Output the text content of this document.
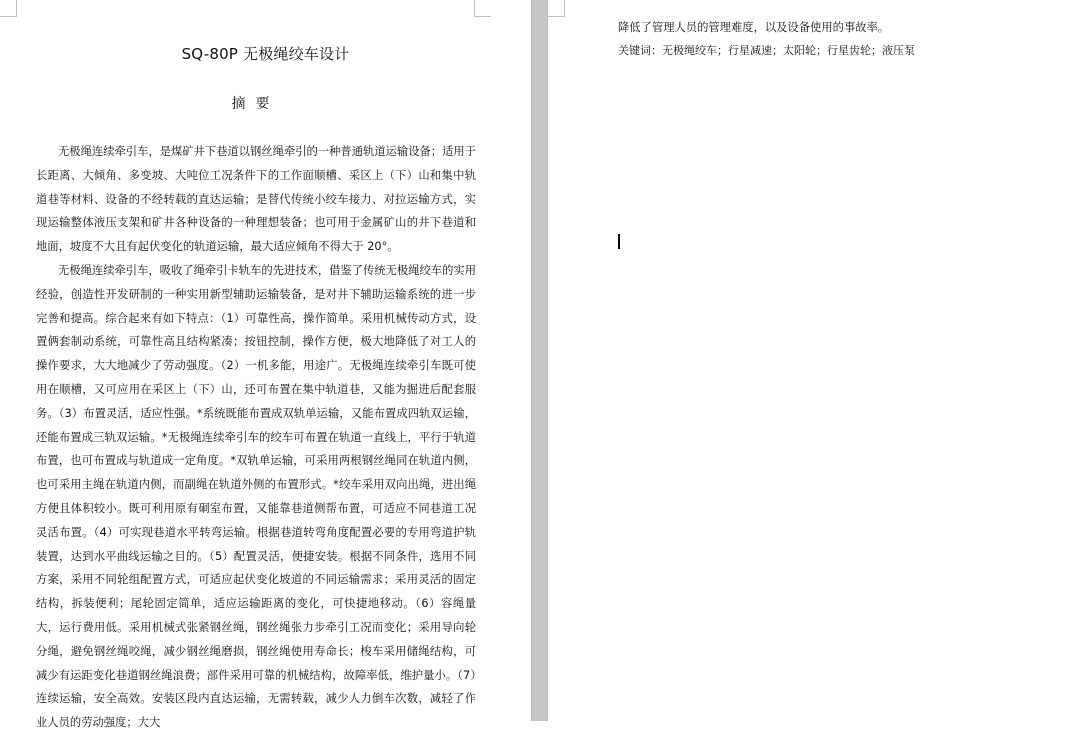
SQ-80P 无极绳绞车设计
摘要

无极绳连续牵引车，是煤矿井下巷道以钢丝绳牵引的一种普通轨道运输设备；适用于长距离、大倾角、多变坡、大吨位工况条件下的工作面顺槽、采区上（下）山和集中轨道巷等材料、设备的不经转载的直达运输；是替代传统小绞车接力、对拉运输方式，实现运输整体液压支架和矿井各种设备的一种理想装备；也可用于金属矿山的井下巷道和地面，坡度不大且有起伏变化的轨道运输，最大适应倾角不得大于 20°。

无极绳连续牵引车，吸收了绳牵引卡轨车的先进技术，借鉴了传统无极绳绞车的实用经验，创造性开发研制的一种实用新型辅助运输装备，是对井下辅助运输系统的进一步完善和提高。综合起来有如下特点：（1）可靠性高，操作简单。采用机械传动方式，设置俩套制动系统，可靠性高且结构紧凑；按钮控制，操作方便，极大地降低了对工人的操作要求，大大地减少了劳动强度。（2）一机多能，用途广。无极绳连续牵引车既可使用在顺槽，又可应用在采区上（下）山，还可布置在集中轨道巷，又能为掘进后配套服务。（3）布置灵活，适应性强。*系统既能布置成双轨单运输，又能布置成四轨双运输，还能布置成三轨双运输。*无极绳连续牵引车的绞车可布置在轨道一直线上，平行于轨道布置，也可布置成与轨道成一定角度。*双轨单运输，可采用两根钢丝绳同在轨道内侧，也可采用主绳在轨道内侧，而副绳在轨道外侧的布置形式。*绞车采用双向出绳，进出绳方便且体积较小。既可利用原有硐室布置，又能靠巷道侧帮布置，可适应不同巷道工况灵活布置。（4）可实现巷道水平转弯运输。根据巷道转弯角度配置必要的专用弯道护轨装置，达到水平曲线运输之目的。（5）配置灵活，便捷安装。根据不同条件，选用不同方案，采用不同轮组配置方式，可适应起伏变化坡道的不同运输需求；采用灵活的固定结构，拆装便利；尾轮固定简单，适应运输距离的变化，可快捷地移动。（6）容绳量大，运行费用低。采用机械式张紧钢丝绳，钢丝绳张力步牵引工况而变化；采用导向轮分绳，避免钢丝绳咬绳，减少钢丝绳磨损，钢丝绳使用寿命长；梭车采用储绳结构，可减少有运距变化巷道钢丝绳浪费；部件采用可靠的机械结构，故障率低，维护量小。（7）连续运输，安全高效。安装区段内直达运输，无需转载，减少人力倒车次数，减轻了作业人员的劳动强度；大大

降低了管理人员的管理难度，以及设备使用的事故率。
关键词：无极绳绞车；行星减速；太阳轮；行星齿轮；液压泵
